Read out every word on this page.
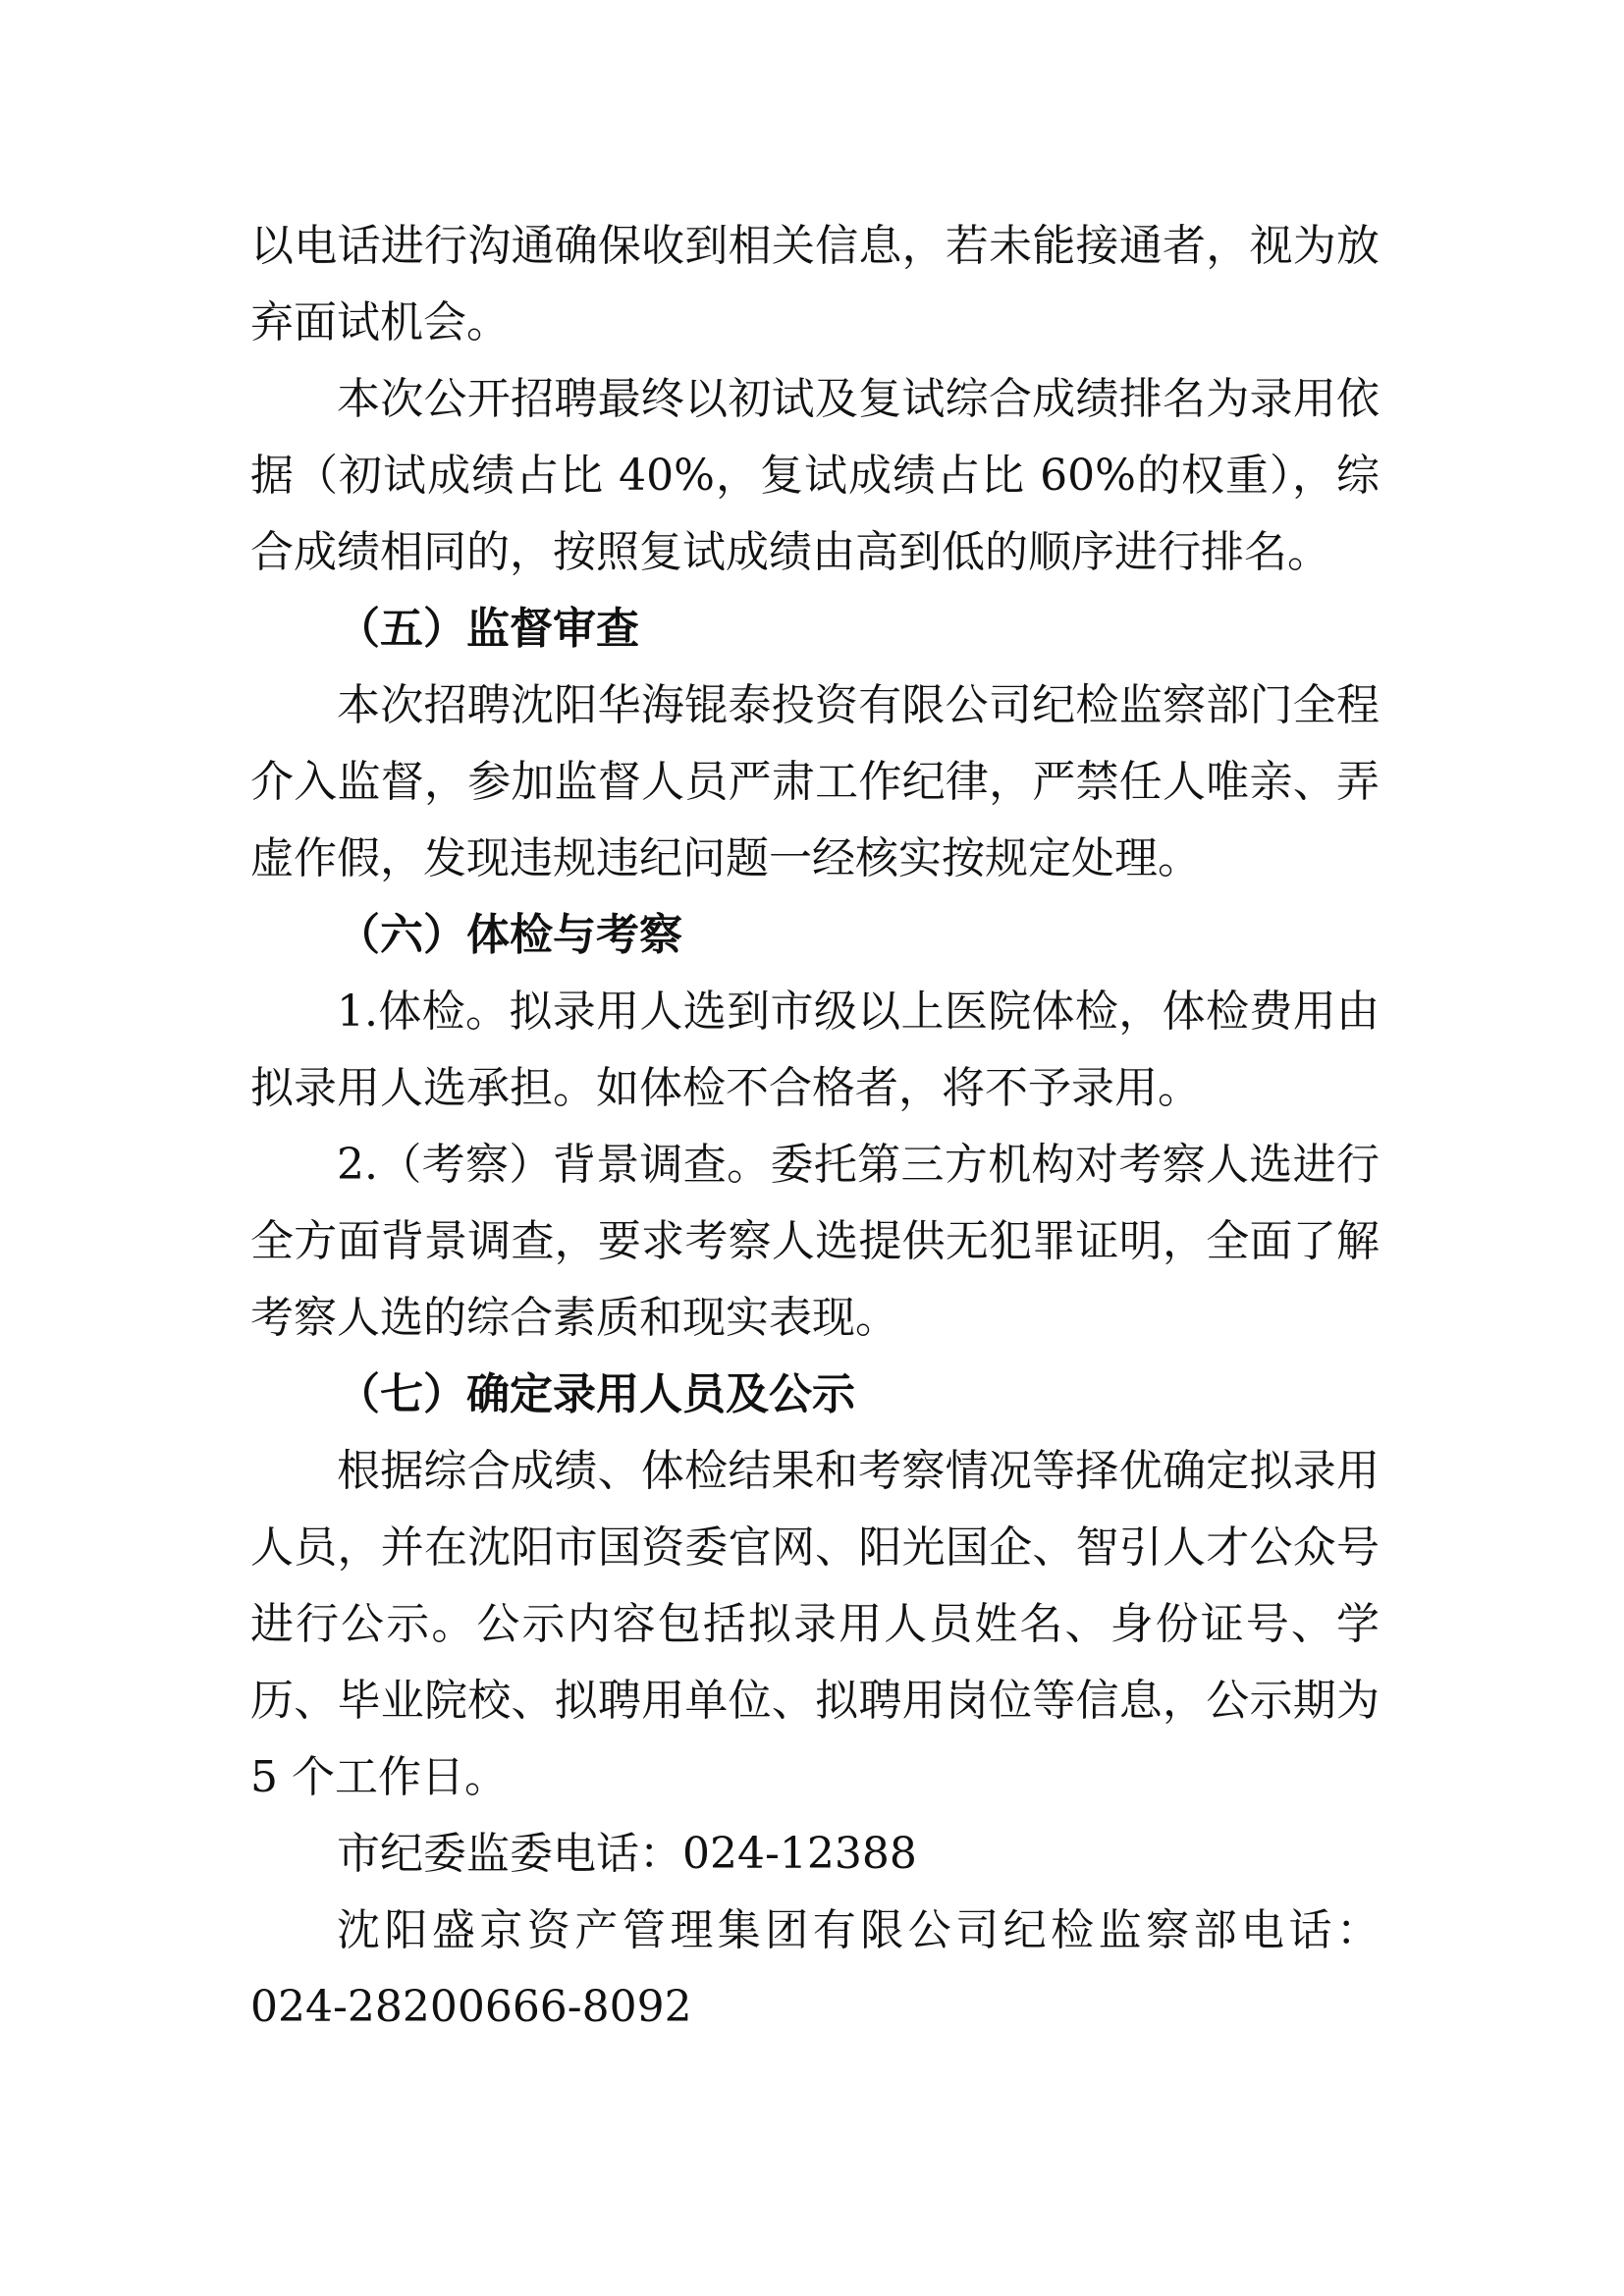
以电话进行沟通确保收到相关信息，若未能接通者，视为放弃面试机会。

本次公开招聘最终以初试及复试综合成绩排名为录用依据（初试成绩占比 40%，复试成绩占比 60%的权重），综合成绩相同的，按照复试成绩由高到低的顺序进行排名。

（五）监督审查

本次招聘沈阳华海锟泰投资有限公司纪检监察部门全程介入监督，参加监督人员严肃工作纪律，严禁任人唯亲、弄虚作假，发现违规违纪问题一经核实按规定处理。

（六）体检与考察

1.体检。拟录用人选到市级以上医院体检，体检费用由拟录用人选承担。如体检不合格者，将不予录用。

2.（考察）背景调查。委托第三方机构对考察人选进行全方面背景调查，要求考察人选提供无犯罪证明，全面了解考察人选的综合素质和现实表现。

（七）确定录用人员及公示

根据综合成绩、体检结果和考察情况等择优确定拟录用人员，并在沈阳市国资委官网、阳光国企、智引人才公众号进行公示。公示内容包括拟录用人员姓名、身份证号、学历、毕业院校、拟聘用单位、拟聘用岗位等信息，公示期为 5 个工作日。

市纪委监委电话：024-12388

沈阳盛京资产管理集团有限公司纪检监察部电话：024-28200666-8092
